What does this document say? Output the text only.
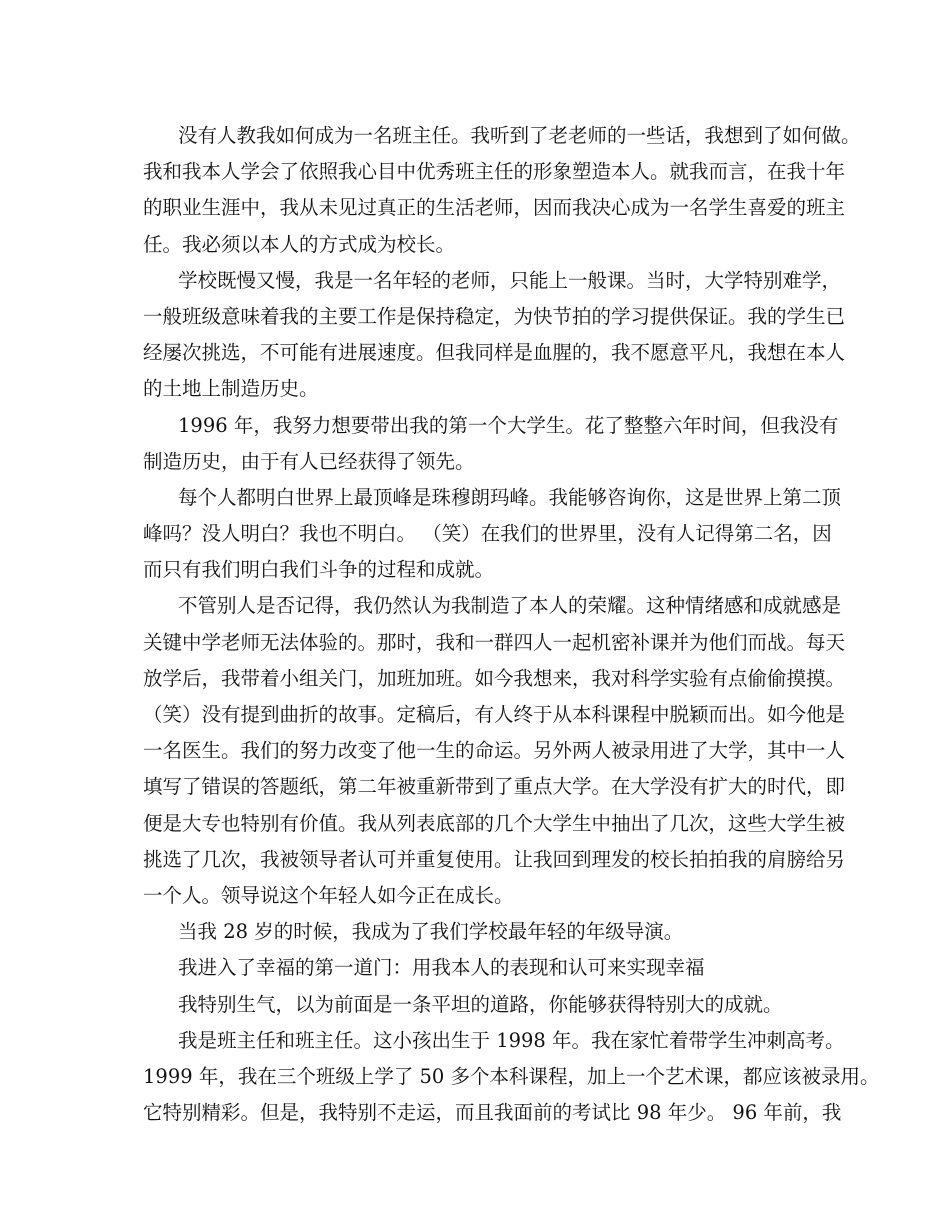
没有人教我如何成为一名班主任。我听到了老老师的一些话，我想到了如何做。
我和我本人学会了依照我心目中优秀班主任的形象塑造本人。就我而言，在我十年
的职业生涯中，我从未见过真正的生活老师，因而我决心成为一名学生喜爱的班主
任。我必须以本人的方式成为校长。
学校既慢又慢，我是一名年轻的老师，只能上一般课。当时，大学特别难学，
一般班级意味着我的主要工作是保持稳定，为快节拍的学习提供保证。我的学生已
经屡次挑选，不可能有进展速度。但我同样是血腥的，我不愿意平凡，我想在本人
的土地上制造历史。
1996 年，我努力想要带出我的第一个大学生。花了整整六年时间，但我没有
制造历史，由于有人已经获得了领先。
每个人都明白世界上最顶峰是珠穆朗玛峰。我能够咨询你，这是世界上第二顶
峰吗？没人明白？我也不明白。 （笑）在我们的世界里，没有人记得第二名，因
而只有我们明白我们斗争的过程和成就。
不管别人是否记得，我仍然认为我制造了本人的荣耀。这种情绪感和成就感是
关键中学老师无法体验的。那时，我和一群四人一起机密补课并为他们而战。每天
放学后，我带着小组关门，加班加班。如今我想来，我对科学实验有点偷偷摸摸。
（笑）没有提到曲折的故事。定稿后，有人终于从本科课程中脱颖而出。如今他是
一名医生。我们的努力改变了他一生的命运。另外两人被录用进了大学，其中一人
填写了错误的答题纸，第二年被重新带到了重点大学。在大学没有扩大的时代，即
便是大专也特别有价值。我从列表底部的几个大学生中抽出了几次，这些大学生被
挑选了几次，我被领导者认可并重复使用。让我回到理发的校长拍拍我的肩膀给另
一个人。领导说这个年轻人如今正在成长。
当我 28 岁的时候，我成为了我们学校最年轻的年级导演。
我进入了幸福的第一道门：用我本人的表现和认可来实现幸福
我特别生气，以为前面是一条平坦的道路，你能够获得特别大的成就。
我是班主任和班主任。这小孩出生于 1998 年。我在家忙着带学生冲刺高考。
1999 年，我在三个班级上学了 50 多个本科课程，加上一个艺术课，都应该被录用。
它特别精彩。但是，我特别不走运，而且我面前的考试比 98 年少。 96 年前，我
